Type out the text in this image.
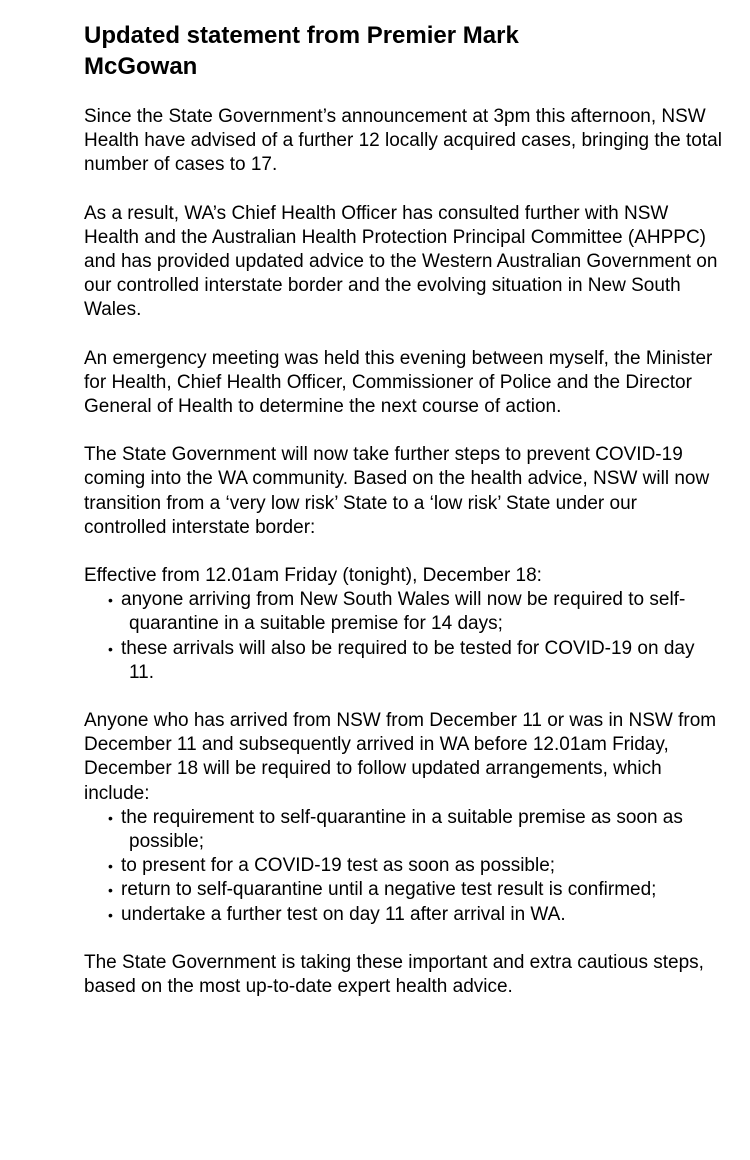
Updated statement from Premier Mark
McGowan

Since the State Government’s announcement at 3pm this afternoon, NSW Health have advised of a further 12 locally acquired cases, bringing the total number of cases to 17.

As a result, WA’s Chief Health Officer has consulted further with NSW Health and the Australian Health Protection Principal Committee (AHPPC) and has provided updated advice to the Western Australian Government on our controlled interstate border and the evolving situation in New South Wales.

An emergency meeting was held this evening between myself, the Minister for Health, Chief Health Officer, Commissioner of Police and the Director General of Health to determine the next course of action.

The State Government will now take further steps to prevent COVID-19 coming into the WA community. Based on the health advice, NSW will now transition from a ‘very low risk’ State to a ‘low risk’ State under our controlled interstate border:

Effective from 12.01am Friday (tonight), December 18:

• anyone arriving from New South Wales will now be required to self-quarantine in a suitable premise for 14 days;
• these arrivals will also be required to be tested for COVID-19 on day 11.

Anyone who has arrived from NSW from December 11 or was in NSW from December 11 and subsequently arrived in WA before 12.01am Friday, December 18 will be required to follow updated arrangements, which include:

• the requirement to self-quarantine in a suitable premise as soon as possible;
• to present for a COVID-19 test as soon as possible;
• return to self-quarantine until a negative test result is confirmed;
• undertake a further test on day 11 after arrival in WA.

The State Government is taking these important and extra cautious steps, based on the most up-to-date expert health advice.
